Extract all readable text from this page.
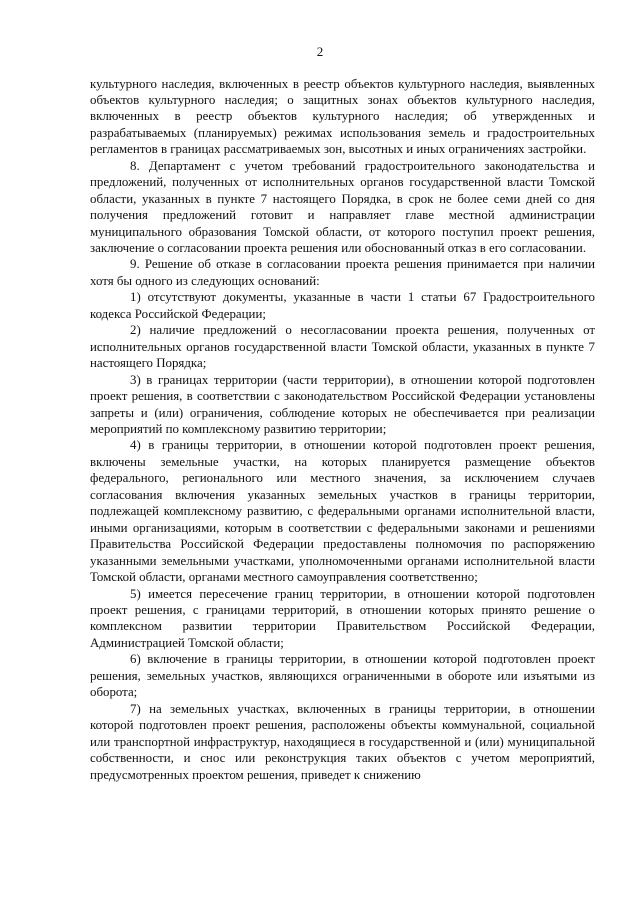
2

культурного наследия, включенных в реестр объектов культурного наследия, выявленных объектов культурного наследия; о защитных зонах объектов культурного наследия, включенных в реестр объектов культурного наследия; об утвержденных и разрабатываемых (планируемых) режимах использования земель и градостроительных регламентов в границах рассматриваемых зон, высотных и иных ограничениях застройки.

8. Департамент с учетом требований градостроительного законодательства и предложений, полученных от исполнительных органов государственной власти Томской области, указанных в пункте 7 настоящего Порядка, в срок не более семи дней со дня получения предложений готовит и направляет главе местной администрации муниципального образования Томской области, от которого поступил проект решения, заключение о согласовании проекта решения или обоснованный отказ в его согласовании.

9. Решение об отказе в согласовании проекта решения принимается при наличии хотя бы одного из следующих оснований:

1) отсутствуют документы, указанные в части 1 статьи 67 Градостроительного кодекса Российской Федерации;

2) наличие предложений о несогласовании проекта решения, полученных от исполнительных органов государственной власти Томской области, указанных в пункте 7 настоящего Порядка;

3) в границах территории (части территории), в отношении которой подготовлен проект решения, в соответствии с законодательством Российской Федерации установлены запреты и (или) ограничения, соблюдение которых не обеспечивается при реализации мероприятий по комплексному развитию территории;

4) в границы территории, в отношении которой подготовлен проект решения, включены земельные участки, на которых планируется размещение объектов федерального, регионального или местного значения, за исключением случаев согласования включения указанных земельных участков в границы территории, подлежащей комплексному развитию, с федеральными органами исполнительной власти, иными организациями, которым в соответствии с федеральными законами и решениями Правительства Российской Федерации предоставлены полномочия по распоряжению указанными земельными участками, уполномоченными органами исполнительной власти Томской области, органами местного самоуправления соответственно;

5) имеется пересечение границ территории, в отношении которой подготовлен проект решения, с границами территорий, в отношении которых принято решение о комплексном развитии территории Правительством Российской Федерации, Администрацией Томской области;

6) включение в границы территории, в отношении которой подготовлен проект решения, земельных участков, являющихся ограниченными в обороте или изъятыми из оборота;

7) на земельных участках, включенных в границы территории, в отношении которой подготовлен проект решения, расположены объекты коммунальной, социальной или транспортной инфраструктур, находящиеся в государственной и (или) муниципальной собственности, и снос или реконструкция таких объектов с учетом мероприятий, предусмотренных проектом решения, приведет к снижению
